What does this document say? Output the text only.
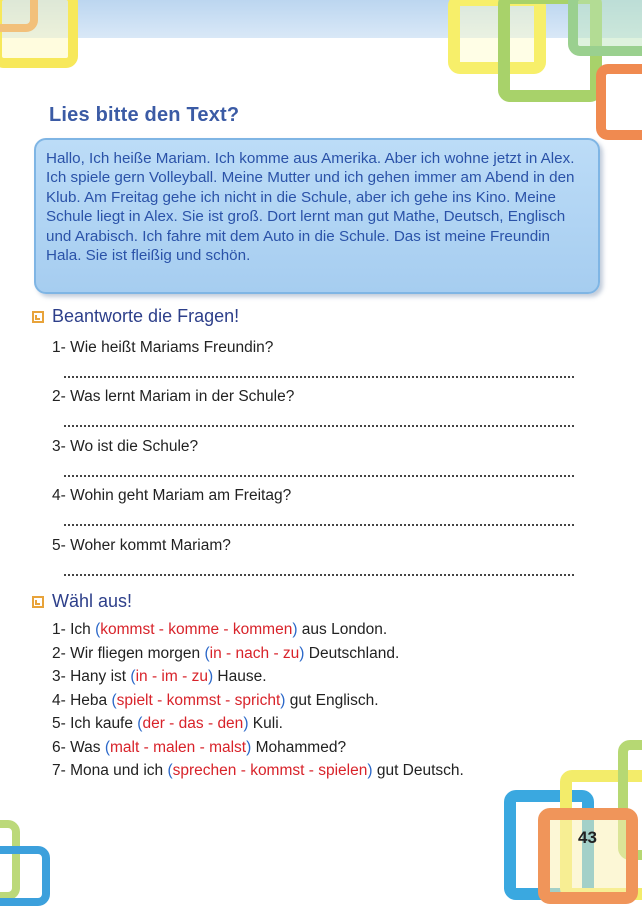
Lies bitte den Text?

Hallo, Ich heiße Mariam. Ich komme aus Amerika. Aber ich wohne jetzt in Alex. Ich spiele gern Volleyball. Meine Mutter und ich gehen immer am Abend in den Klub. Am Freitag gehe ich nicht in die Schule, aber ich gehe ins Kino. Meine Schule liegt in Alex. Sie ist groß. Dort lernt man gut Mathe, Deutsch, Englisch und Arabisch. Ich fahre mit dem Auto in die Schule. Das ist meine Freundin Hala. Sie ist fleißig und schön.

Beantworte die Fragen!
1- Wie heißt Mariams Freundin?
2- Was lernt Mariam in der Schule?
3- Wo ist die Schule?
4- Wohin geht Mariam am Freitag?
5- Woher kommt Mariam?
Wähl aus!
1- Ich (kommst - komme - kommen) aus London.
2- Wir fliegen morgen (in - nach - zu) Deutschland.
3- Hany ist (in - im - zu) Hause.
4- Heba (spielt - kommst - spricht) gut Englisch.
5- Ich kaufe (der - das - den) Kuli.
6- Was (malt - malen - malst) Mohammed?
7- Mona und ich (sprechen - kommst - spielen) gut Deutsch.
43
